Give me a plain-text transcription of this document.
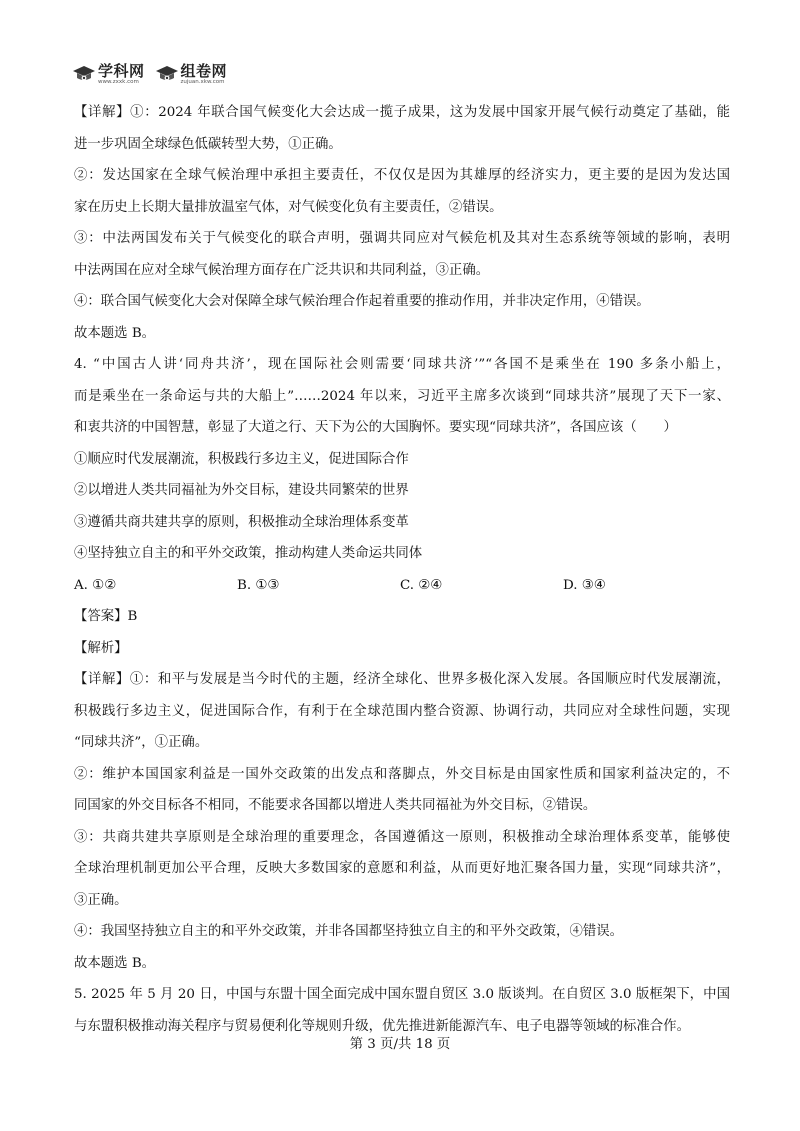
学科网
www.zxxk.com
组卷网
zujuan.xkw.com
【详解】①：2024 年联合国气候变化大会达成一揽子成果，这为发展中国家开展气候行动奠定了基础，能
进一步巩固全球绿色低碳转型大势，①正确。
②：发达国家在全球气候治理中承担主要责任，不仅仅是因为其雄厚的经济实力，更主要的是因为发达国
家在历史上长期大量排放温室气体，对气候变化负有主要责任，②错误。
③：中法两国发布关于气候变化的联合声明，强调共同应对气候危机及其对生态系统等领域的影响，表明
中法两国在应对全球气候治理方面存在广泛共识和共同利益，③正确。
④：联合国气候变化大会对保障全球气候治理合作起着重要的推动作用，并非决定作用，④错误。
故本题选 B。
4. “中国古人讲‘同舟共济’，现在国际社会则需要‘同球共济’”“各国不是乘坐在 190 多条小船上，
而是乘坐在一条命运与共的大船上”……2024 年以来，习近平主席多次谈到“同球共济”展现了天下一家、
和衷共济的中国智慧，彰显了大道之行、天下为公的大国胸怀。要实现“同球共济”，各国应该（　　）
①顺应时代发展潮流，积极践行多边主义，促进国际合作
②以增进人类共同福祉为外交目标，建设共同繁荣的世界
③遵循共商共建共享的原则，积极推动全球治理体系变革
④坚持独立自主的和平外交政策，推动构建人类命运共同体
A. ①②	B. ①③	C. ②④	D. ③④
【答案】B
【解析】
【详解】①：和平与发展是当今时代的主题，经济全球化、世界多极化深入发展。各国顺应时代发展潮流，
积极践行多边主义，促进国际合作，有利于在全球范围内整合资源、协调行动，共同应对全球性问题，实现
“同球共济”，①正确。
②：维护本国国家利益是一国外交政策的出发点和落脚点，外交目标是由国家性质和国家利益决定的，不
同国家的外交目标各不相同，不能要求各国都以增进人类共同福祉为外交目标，②错误。
③：共商共建共享原则是全球治理的重要理念，各国遵循这一原则，积极推动全球治理体系变革，能够使
全球治理机制更加公平合理，反映大多数国家的意愿和利益，从而更好地汇聚各国力量，实现“同球共济”，
③正确。
④：我国坚持独立自主的和平外交政策，并非各国都坚持独立自主的和平外交政策，④错误。
故本题选 B。
5. 2025 年 5 月 20 日，中国与东盟十国全面完成中国东盟自贸区 3.0 版谈判。在自贸区 3.0 版框架下，中国
与东盟积极推动海关程序与贸易便利化等规则升级，优先推进新能源汽车、电子电器等领域的标准合作。
第 3 页/共 18 页
